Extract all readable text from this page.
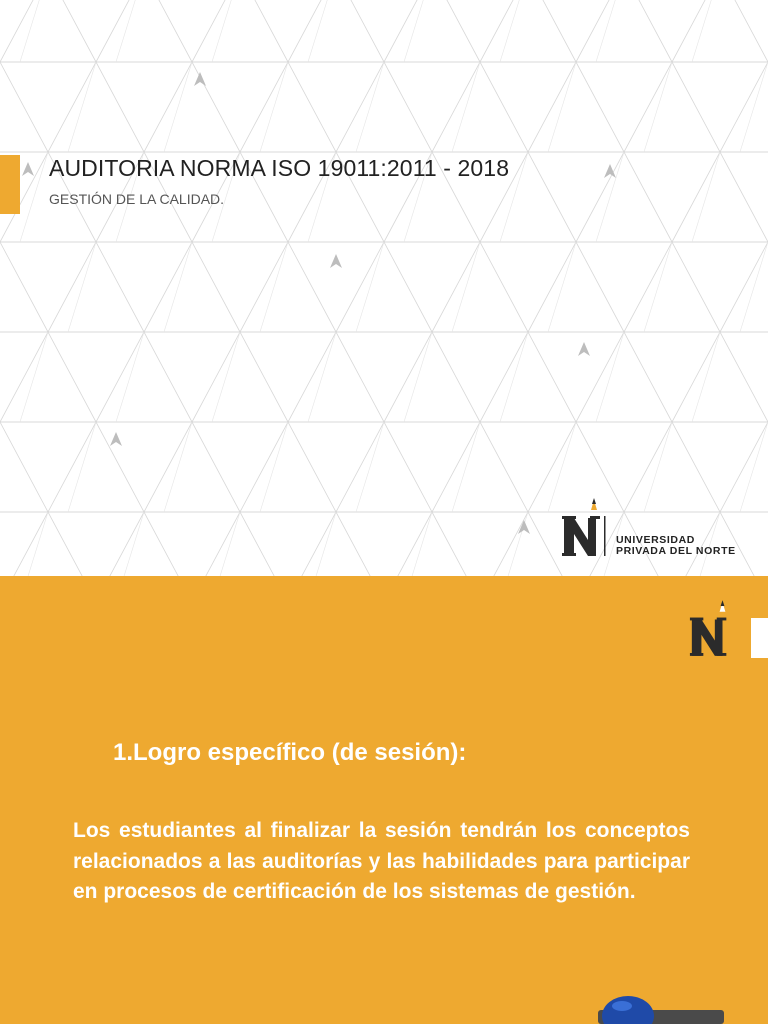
AUDITORIA NORMA ISO 19011:2011 - 2018
GESTIÓN DE LA CALIDAD.
UNIVERSIDAD
PRIVADA DEL NORTE
1.Logro específico (de sesión):
Los estudiantes al finalizar la sesión tendrán los conceptos relacionados a las auditorías y las habilidades para participar en procesos de certificación de los sistemas de gestión.
